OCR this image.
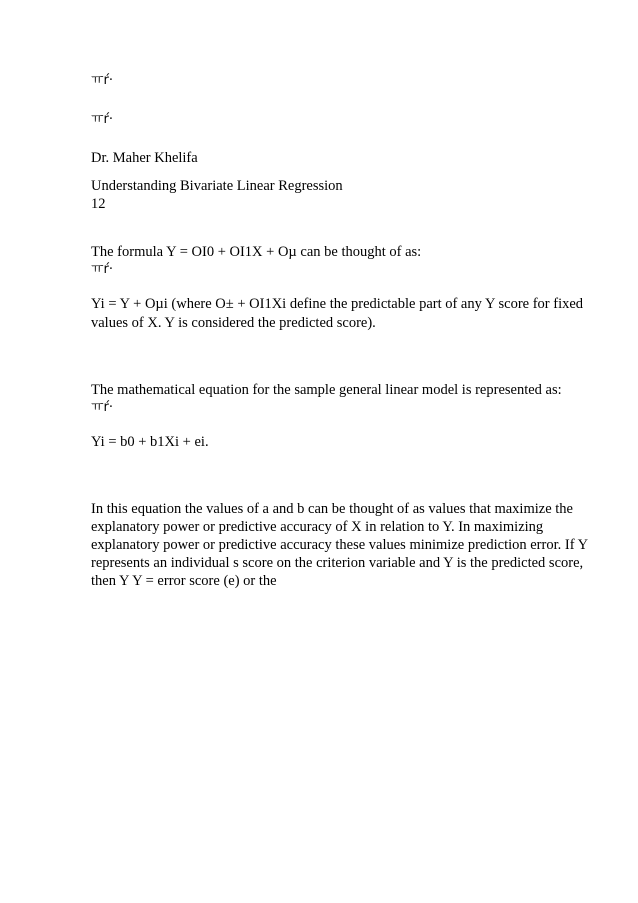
ㅠŕ·
ㅠŕ·
Dr. Maher Khelifa
Understanding Bivariate Linear Regression
12
The formula Y = OI0 + OI1X + Oµ can be thought of as:
ㅠŕ·
Yi = Y + Oµi (where O± + OI1Xi define the predictable part of any Y score for fixed
values of X. Y is considered the predicted score).
The mathematical equation for the sample general linear model is represented as:
ㅠŕ·
Yi = b0 + b1Xi + ei.
In this equation the values of a and b can be thought of as values that maximize the
explanatory power or predictive accuracy of X in relation to Y. In maximizing
explanatory power or predictive accuracy these values minimize prediction error. If Y
represents an individual s score on the criterion variable and Y is the predicted score,
then Y Y = error score (e) or the
